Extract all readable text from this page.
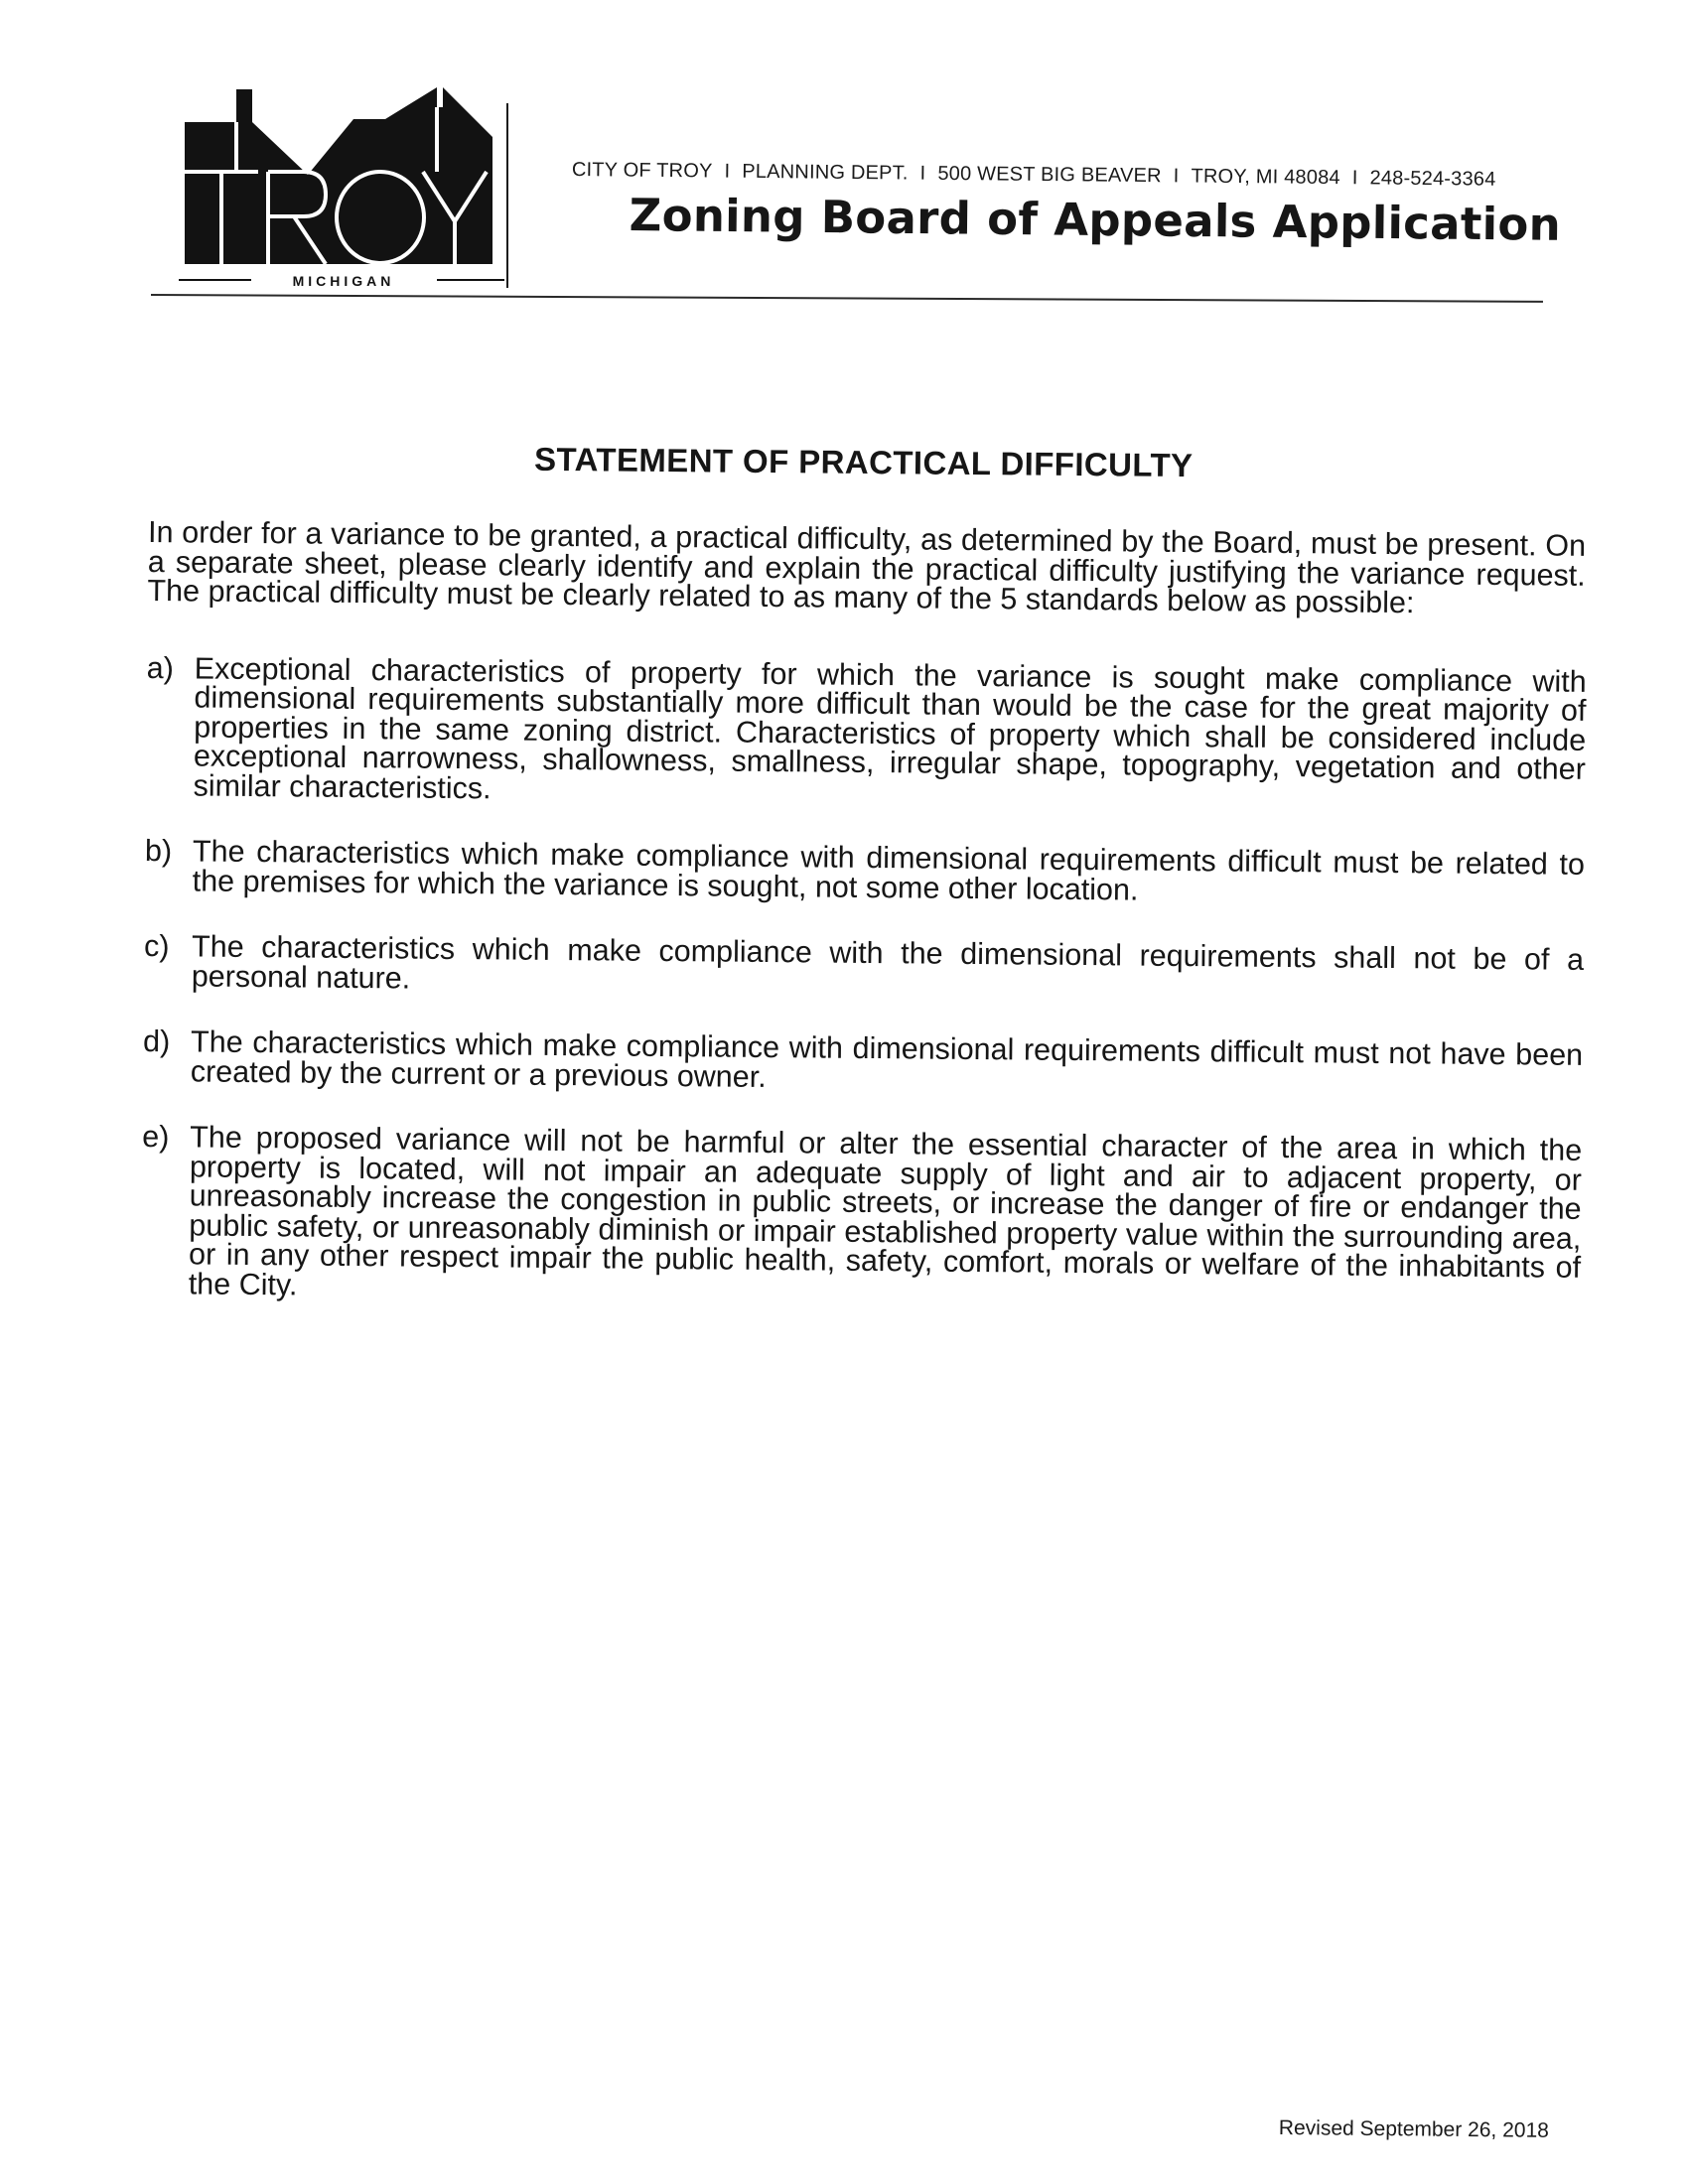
MICHIGAN
CITY OF TROY I PLANNING DEPT. I 500 WEST BIG BEAVER I TROY, MI 48084 I 248-524-3364
Zoning Board of Appeals Application
STATEMENT OF PRACTICAL DIFFICULTY

In order for a variance to be granted, a practical difficulty, as determined by the Board, must be present. On a separate sheet, please clearly identify and explain the practical difficulty justifying the variance request. The practical difficulty must be clearly related to as many of the 5 standards below as possible:

a) Exceptional characteristics of property for which the variance is sought make compliance with dimensional requirements substantially more difficult than would be the case for the great majority of properties in the same zoning district. Characteristics of property which shall be considered include exceptional narrowness, shallowness, smallness, irregular shape, topography, vegetation and other similar characteristics.
b) The characteristics which make compliance with dimensional requirements difficult must be related to the premises for which the variance is sought, not some other location.
c) The characteristics which make compliance with the dimensional requirements shall not be of a personal nature.
d) The characteristics which make compliance with dimensional requirements difficult must not have been created by the current or a previous owner.
e) The proposed variance will not be harmful or alter the essential character of the area in which the property is located, will not impair an adequate supply of light and air to adjacent property, or unreasonably increase the congestion in public streets, or increase the danger of fire or endanger the public safety, or unreasonably diminish or impair established property value within the surrounding area, or in any other respect impair the public health, safety, comfort, morals or welfare of the inhabitants of the City.
Revised September 26, 2018
